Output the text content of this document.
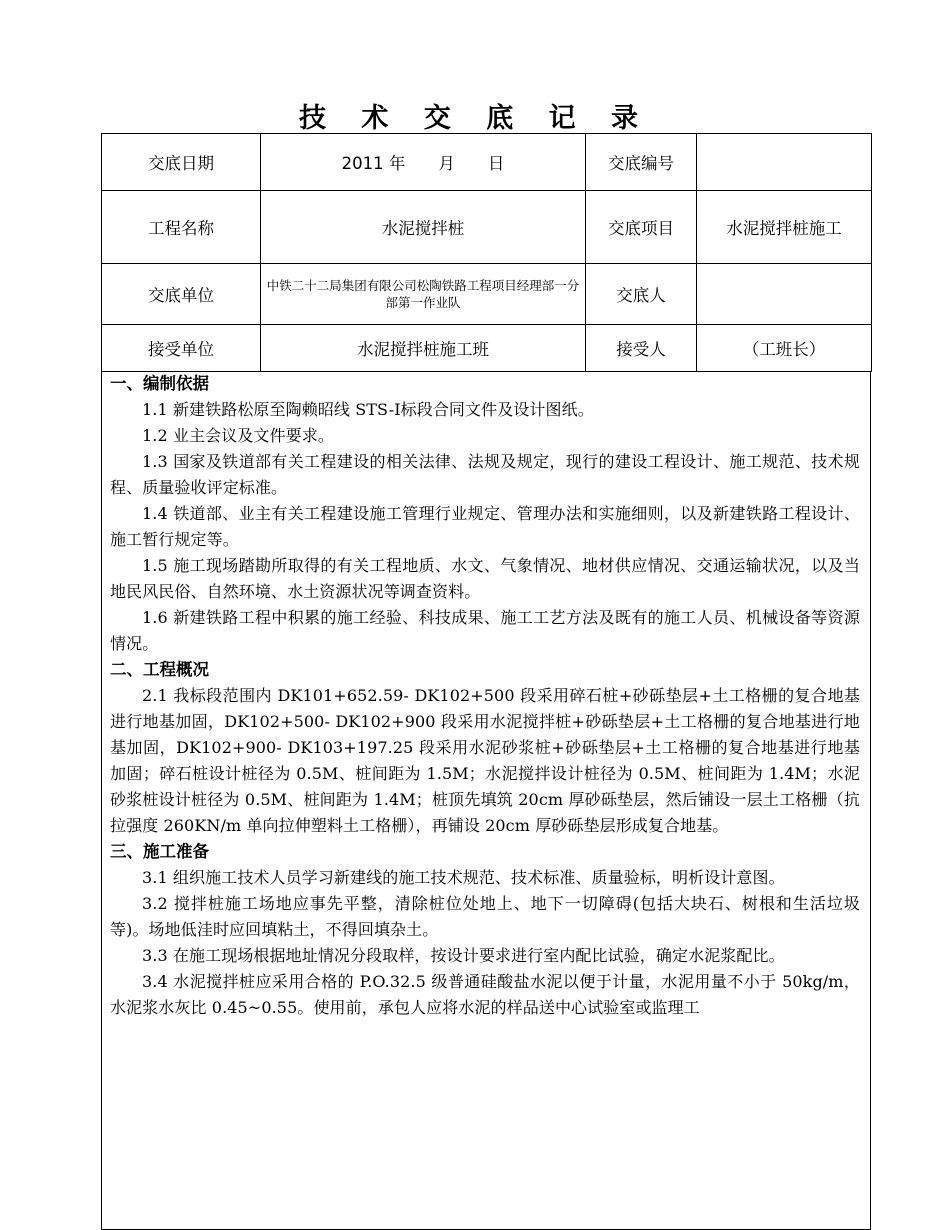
技 术 交 底 记 录
交底日期	2011 年　　月　　日	交底编号	
工程名称	水泥搅拌桩	交底项目	水泥搅拌桩施工
交底单位	中铁二十二局集团有限公司松陶铁路工程项目经理部一分部第一作业队	交底人	
接受单位	水泥搅拌桩施工班	接受人	（工班长）

一、编制依据

1.1 新建铁路松原至陶赖昭线 STS-I标段合同文件及设计图纸。

1.2 业主会议及文件要求。

1.3 国家及铁道部有关工程建设的相关法律、法规及规定，现行的建设工程设计、施工规范、技术规程、质量验收评定标准。

1.4 铁道部、业主有关工程建设施工管理行业规定、管理办法和实施细则，以及新建铁路工程设计、施工暂行规定等。

1.5 施工现场踏勘所取得的有关工程地质、水文、气象情况、地材供应情况、交通运输状况，以及当地民风民俗、自然环境、水土资源状况等调查资料。

1.6 新建铁路工程中积累的施工经验、科技成果、施工工艺方法及既有的施工人员、机械设备等资源情况。

二、工程概况

2.1 我标段范围内 DK101+652.59- DK102+500 段采用碎石桩+砂砾垫层+土工格栅的复合地基进行地基加固，DK102+500- DK102+900 段采用水泥搅拌桩+砂砾垫层+土工格栅的复合地基进行地基加固，DK102+900- DK103+197.25 段采用水泥砂浆桩+砂砾垫层+土工格栅的复合地基进行地基加固；碎石桩设计桩径为 0.5M、桩间距为 1.5M；水泥搅拌设计桩径为 0.5M、桩间距为 1.4M；水泥砂浆桩设计桩径为 0.5M、桩间距为 1.4M；桩顶先填筑 20cm 厚砂砾垫层，然后铺设一层土工格栅（抗拉强度 260KN/m 单向拉伸塑料土工格栅），再铺设 20cm 厚砂砾垫层形成复合地基。

三、施工准备

3.1 组织施工技术人员学习新建线的施工技术规范、技术标准、质量验标，明析设计意图。

3.2 搅拌桩施工场地应事先平整，清除桩位处地上、地下一切障碍(包括大块石、树根和生活垃圾等)。场地低洼时应回填粘土，不得回填杂土。

3.3 在施工现场根据地址情况分段取样，按设计要求进行室内配比试验，确定水泥浆配比。

3.4 水泥搅拌桩应采用合格的 P.O.32.5 级普通硅酸盐水泥以便于计量，水泥用量不小于 50kg/m，水泥浆水灰比 0.45~0.55。使用前，承包人应将水泥的样品送中心试验室或监理工
